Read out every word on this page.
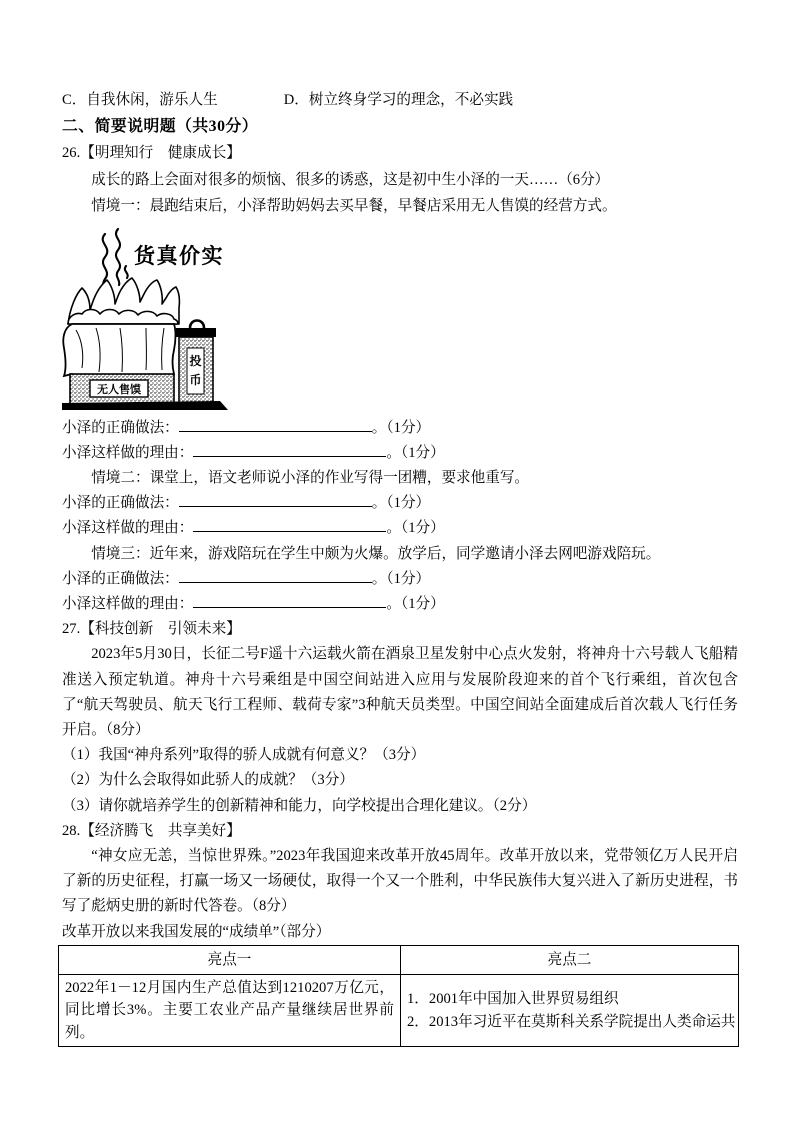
C．自我休闲，游乐人生	D．树立终身学习的理念，不必实践
二、简要说明题（共30分）
26.【明理知行　健康成长】
成长的路上会面对很多的烦恼、很多的诱惑，这是初中生小泽的一天……（6分）
情境一：晨跑结束后，小泽帮助妈妈去买早餐，早餐店采用无人售馍的经营方式。
货真价实
无人售馍
投
币
小泽的正确做法：	。（1分）
小泽这样做的理由：	。（1分）
情境二：课堂上，语文老师说小泽的作业写得一团糟，要求他重写。
小泽的正确做法：	。（1分）
小泽这样做的理由：	。（1分）
情境三：近年来，游戏陪玩在学生中颇为火爆。放学后，同学邀请小泽去网吧游戏陪玩。
小泽的正确做法：	。（1分）
小泽这样做的理由：	。（1分）
27.【科技创新　引领未来】
2023年5月30日，长征二号F遥十六运载火箭在酒泉卫星发射中心点火发射，将神舟十六号载人飞船精准送入预定轨道。神舟十六号乘组是中国空间站进入应用与发展阶段迎来的首个飞行乘组，首次包含了“航天驾驶员、航天飞行工程师、载荷专家”3种航天员类型。中国空间站全面建成后首次载人飞行任务开启。（8分）
（1）我国“神舟系列”取得的骄人成就有何意义？（3分）
（2）为什么会取得如此骄人的成就？（3分）
（3）请你就培养学生的创新精神和能力，向学校提出合理化建议。（2分）
28.【经济腾飞　共享美好】
“神女应无恙，当惊世界殊。”2023年我国迎来改革开放45周年。改革开放以来，党带领亿万人民开启了新的历史征程，打赢一场又一场硬仗，取得一个又一个胜利，中华民族伟大复兴进入了新历史进程，书写了彪炳史册的新时代答卷。（8分）
改革开放以来我国发展的“成绩单”（部分）
亮点一	亮点二
2022年1－12月国内生产总值达到1210207万亿元，同比增长3%。主要工农业产品产量继续居世界前列。	1．2001年中国加入世界贸易组织
2．2013年习近平在莫斯科关系学院提出人类命运共
